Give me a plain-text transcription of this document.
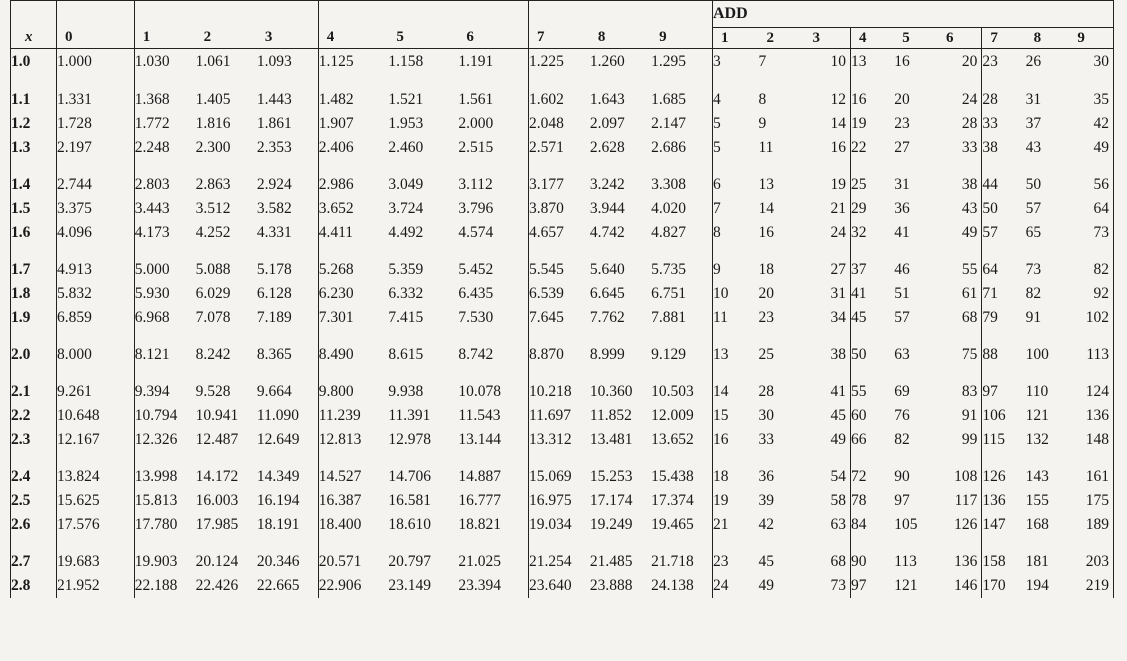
											ADD								
x	0	1	2	3	4	5	6	7	8	9	1	2	3	4	5	6	7	8	9
1.0	1.000	1.030	1.061	1.093	1.125	1.158	1.191	1.225	1.260	1.295	3	7	10	13	16	20	23	26	30
1.1	1.331	1.368	1.405	1.443	1.482	1.521	1.561	1.602	1.643	1.685	4	8	12	16	20	24	28	31	35
1.2	1.728	1.772	1.816	1.861	1.907	1.953	2.000	2.048	2.097	2.147	5	9	14	19	23	28	33	37	42
1.3	2.197	2.248	2.300	2.353	2.406	2.460	2.515	2.571	2.628	2.686	5	11	16	22	27	33	38	43	49
1.4	2.744	2.803	2.863	2.924	2.986	3.049	3.112	3.177	3.242	3.308	6	13	19	25	31	38	44	50	56
1.5	3.375	3.443	3.512	3.582	3.652	3.724	3.796	3.870	3.944	4.020	7	14	21	29	36	43	50	57	64
1.6	4.096	4.173	4.252	4.331	4.411	4.492	4.574	4.657	4.742	4.827	8	16	24	32	41	49	57	65	73
1.7	4.913	5.000	5.088	5.178	5.268	5.359	5.452	5.545	5.640	5.735	9	18	27	37	46	55	64	73	82
1.8	5.832	5.930	6.029	6.128	6.230	6.332	6.435	6.539	6.645	6.751	10	20	31	41	51	61	71	82	92
1.9	6.859	6.968	7.078	7.189	7.301	7.415	7.530	7.645	7.762	7.881	11	23	34	45	57	68	79	91	102
2.0	8.000	8.121	8.242	8.365	8.490	8.615	8.742	8.870	8.999	9.129	13	25	38	50	63	75	88	100	113
2.1	9.261	9.394	9.528	9.664	9.800	9.938	10.078	10.218	10.360	10.503	14	28	41	55	69	83	97	110	124
2.2	10.648	10.794	10.941	11.090	11.239	11.391	11.543	11.697	11.852	12.009	15	30	45	60	76	91	106	121	136
2.3	12.167	12.326	12.487	12.649	12.813	12.978	13.144	13.312	13.481	13.652	16	33	49	66	82	99	115	132	148
2.4	13.824	13.998	14.172	14.349	14.527	14.706	14.887	15.069	15.253	15.438	18	36	54	72	90	108	126	143	161
2.5	15.625	15.813	16.003	16.194	16.387	16.581	16.777	16.975	17.174	17.374	19	39	58	78	97	117	136	155	175
2.6	17.576	17.780	17.985	18.191	18.400	18.610	18.821	19.034	19.249	19.465	21	42	63	84	105	126	147	168	189
2.7	19.683	19.903	20.124	20.346	20.571	20.797	21.025	21.254	21.485	21.718	23	45	68	90	113	136	158	181	203
2.8	21.952	22.188	22.426	22.665	22.906	23.149	23.394	23.640	23.888	24.138	24	49	73	97	121	146	170	194	219
